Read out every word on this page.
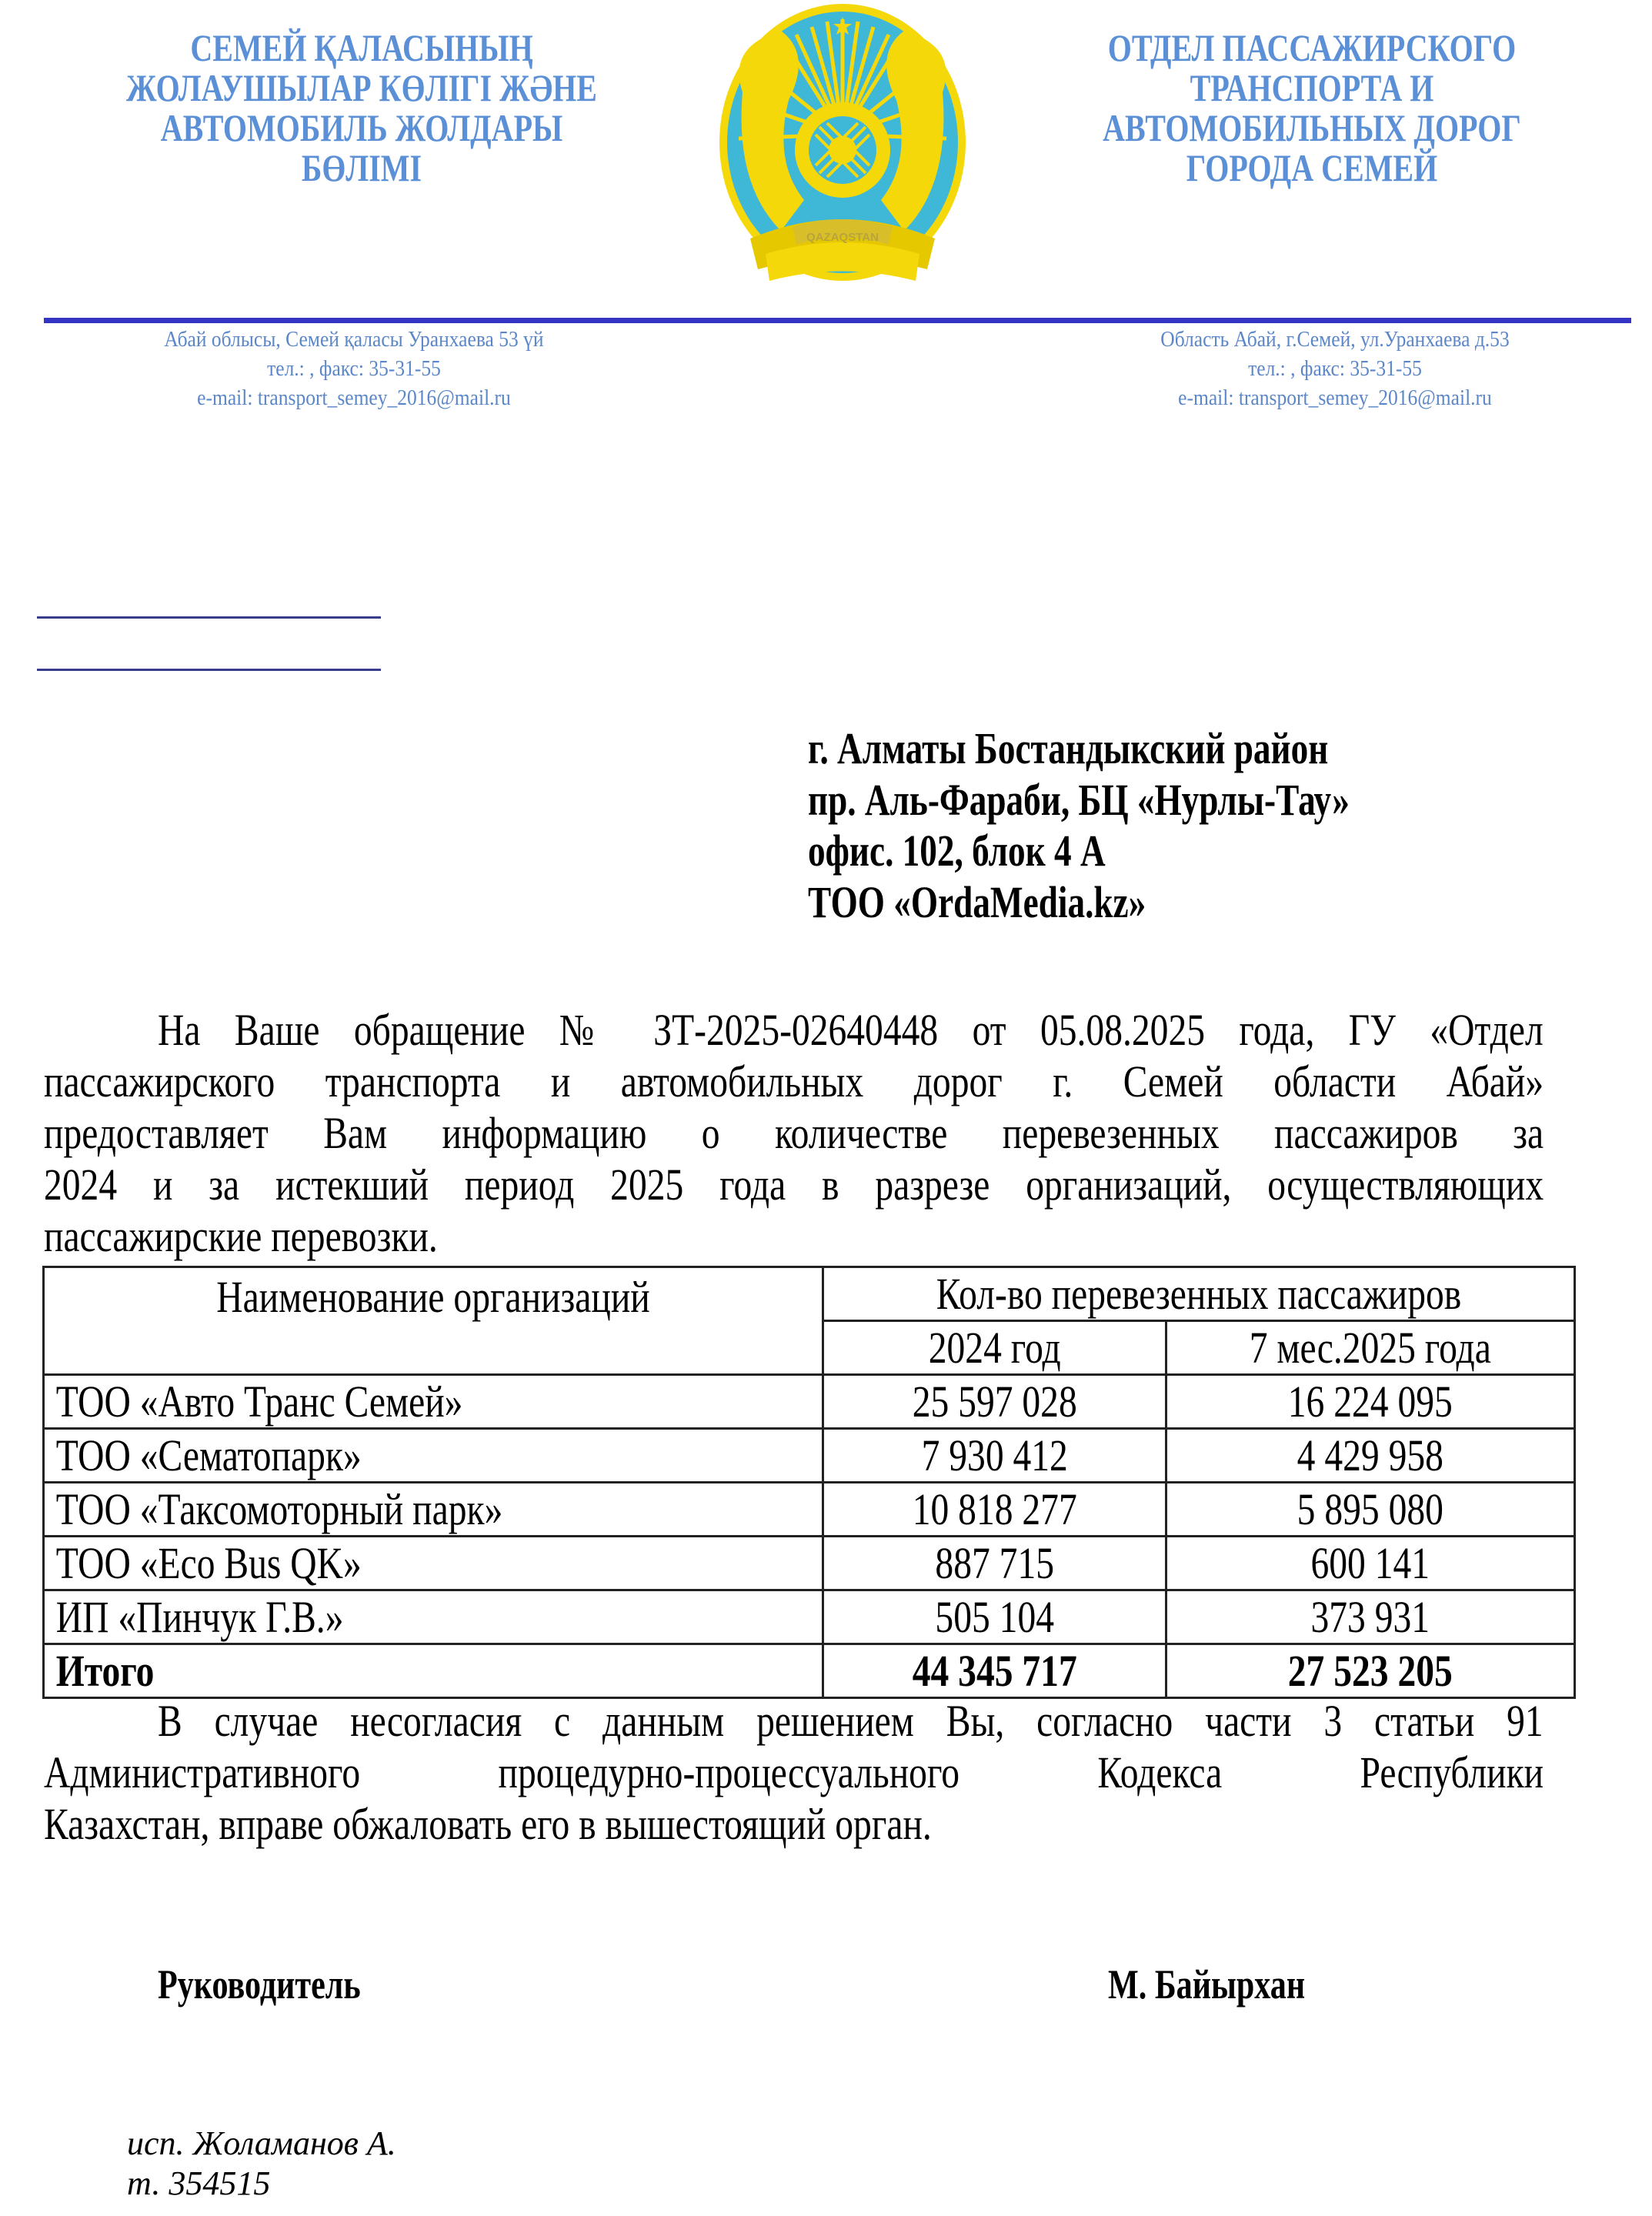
СЕМЕЙ ҚАЛАСЫНЫҢ
ЖОЛАУШЫЛАР КӨЛІГІ ЖӘНЕ
АВТОМОБИЛЬ ЖОЛДАРЫ
БӨЛІМІ
QAZAQSTAN
ОТДЕЛ ПАССАЖИРСКОГО
ТРАНСПОРТА И
АВТОМОБИЛЬНЫХ ДОРОГ
ГОРОДА СЕМЕЙ
Абай облысы, Семей қаласы Уранхаева 53 үй
тел.: , факс: 35-31-55
e-mail: transport_semey_2016@mail.ru
Область Абай, г.Семей, ул.Уранхаева д.53
тел.: , факс: 35-31-55
e-mail: transport_semey_2016@mail.ru
г. Алматы Бостандыкский район
пр. Аль-Фараби, БЦ «Нурлы-Тау»
офис. 102, блок 4 А
ТОО «OrdaMedia.kz»
На Ваше обращение № ЗТ-2025-02640448 от 05.08.2025 года, ГУ «Отдел
пассажирского транспорта и автомобильных дорог г. Семей области Абай»
предоставляет Вам информацию о количестве перевезенных пассажиров за
2024 и за истекший период 2025 года в разрезе организаций, осуществляющих
пассажирские перевозки.
Наименование организаций	Кол-во перевезенных пассажиров	

	2024 год	7 мес.2025 года

ТОО «Авто Транс Семей»	25 597 028	16 224 095

ТОО «Сематопарк»	7 930 412	4 429 958

ТОО «Таксомоторный парк»	10 818 277	5 895 080

ТОО «Eco Bus QK»	887 715	600 141

ИП «Пинчук Г.В.»	505 104	373 931

Итого	44 345 717	27 523 205
В случае несогласия с данным решением Вы, согласно части 3 статьи 91
Административного процедурно-процессуального Кодекса Республики
Казахстан, вправе обжаловать его в вышестоящий орган.
Руководитель	М. Байырхан
исп. Жоламанов А.
т. 354515
